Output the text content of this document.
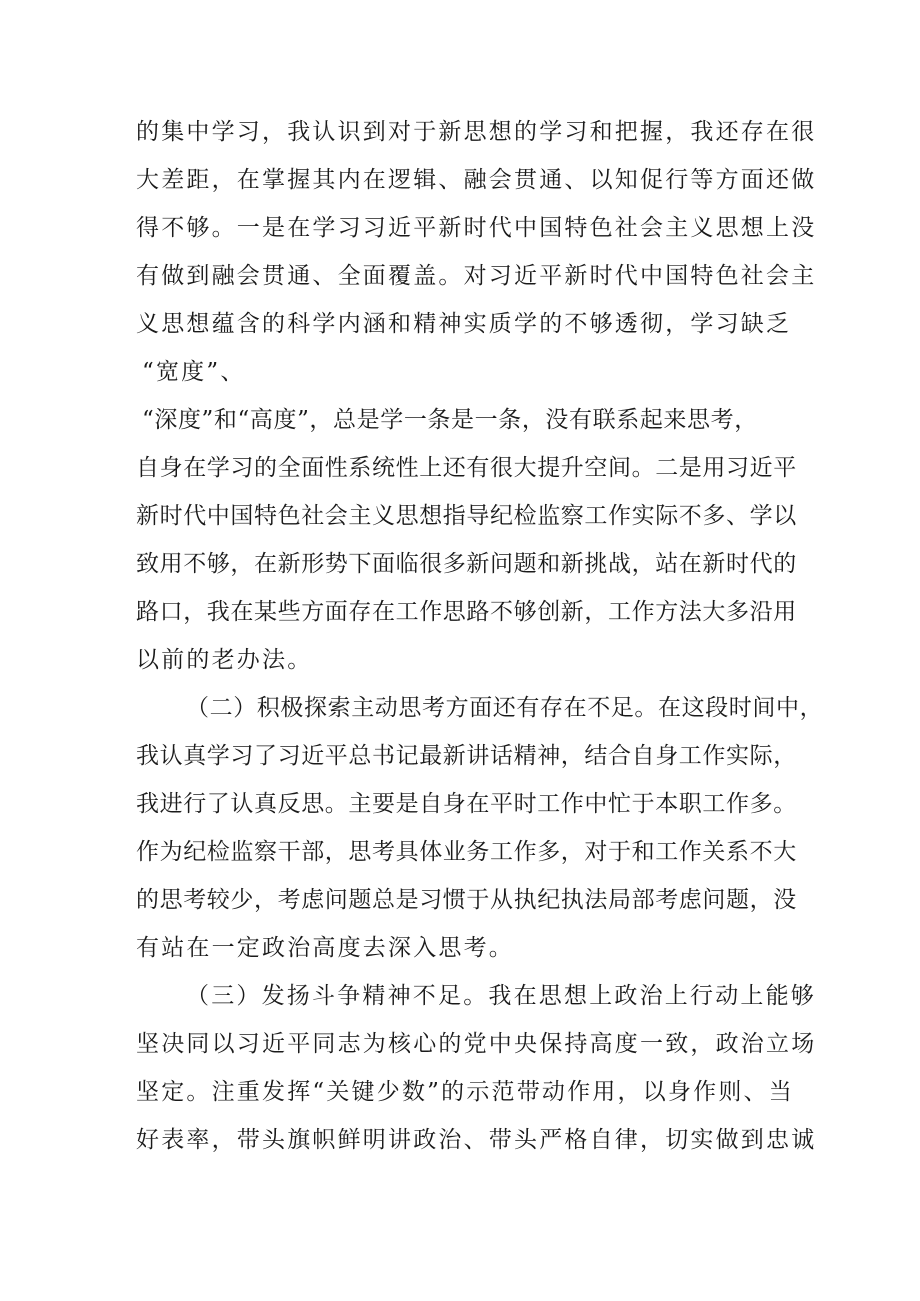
的集中学习，我认识到对于新思想的学习和把握，我还存在很
大差距，在掌握其内在逻辑、融会贯通、以知促行等方面还做
得不够。一是在学习习近平新时代中国特色社会主义思想上没
有做到融会贯通、全面覆盖。对习近平新时代中国特色社会主
义思想蕴含的科学内涵和精神实质学的不够透彻，学习缺乏
“宽度”、
“深度”和“高度”，总是学一条是一条，没有联系起来思考，
自身在学习的全面性系统性上还有很大提升空间。二是用习近平
新时代中国特色社会主义思想指导纪检监察工作实际不多、学以
致用不够，在新形势下面临很多新问题和新挑战，站在新时代的
路口，我在某些方面存在工作思路不够创新，工作方法大多沿用
以前的老办法。
（二）积极探索主动思考方面还有存在不足。在这段时间中，
我认真学习了习近平总书记最新讲话精神，结合自身工作实际，
我进行了认真反思。主要是自身在平时工作中忙于本职工作多。
作为纪检监察干部，思考具体业务工作多，对于和工作关系不大
的思考较少，考虑问题总是习惯于从执纪执法局部考虑问题，没
有站在一定政治高度去深入思考。
（三）发扬斗争精神不足。我在思想上政治上行动上能够
坚决同以习近平同志为核心的党中央保持高度一致，政治立场
坚定。注重发挥“关键少数”的示范带动作用，以身作则、当
好表率，带头旗帜鲜明讲政治、带头严格自律，切实做到忠诚
